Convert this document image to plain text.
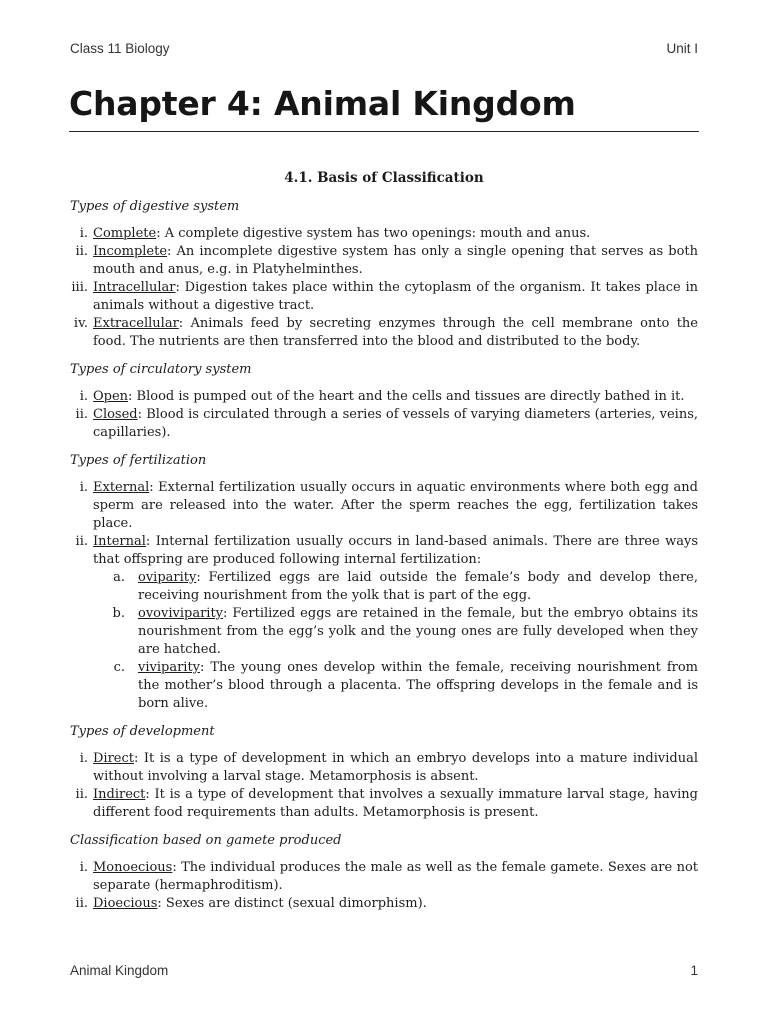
Class 11 Biology	Unit I
Chapter 4: Animal Kingdom
4.1. Basis of Classification
Types of digestive system
i. Complete: A complete digestive system has two openings: mouth and anus.
ii. Incomplete: An incomplete digestive system has only a single opening that serves as both mouth and anus, e.g. in Platyhelminthes.
iii. Intracellular: Digestion takes place within the cytoplasm of the organism. It takes place in animals without a digestive tract.
iv. Extracellular: Animals feed by secreting enzymes through the cell membrane onto the food. The nutrients are then transferred into the blood and distributed to the body.
Types of circulatory system
i. Open: Blood is pumped out of the heart and the cells and tissues are directly bathed in it.
ii. Closed: Blood is circulated through a series of vessels of varying diameters (arteries, veins, capillaries).
Types of fertilization
i. External: External fertilization usually occurs in aquatic environments where both egg and sperm are released into the water. After the sperm reaches the egg, fertilization takes place.
ii. Internal: Internal fertilization usually occurs in land-based animals. There are three ways that offspring are produced following internal fertilization:
a. oviparity: Fertilized eggs are laid outside the female’s body and develop there, receiving nourishment from the yolk that is part of the egg.
b. ovoviviparity: Fertilized eggs are retained in the female, but the embryo obtains its nourishment from the egg’s yolk and the young ones are fully developed when they are hatched.
c. viviparity: The young ones develop within the female, receiving nourishment from the mother’s blood through a placenta. The offspring develops in the female and is born alive.
Types of development
i. Direct: It is a type of development in which an embryo develops into a mature individual without involving a larval stage. Metamorphosis is absent.
ii. Indirect: It is a type of development that involves a sexually immature larval stage, having different food requirements than adults. Metamorphosis is present.
Classification based on gamete produced
i. Monoecious: The individual produces the male as well as the female gamete. Sexes are not separate (hermaphroditism).
ii. Dioecious: Sexes are distinct (sexual dimorphism).
Animal Kingdom	1
